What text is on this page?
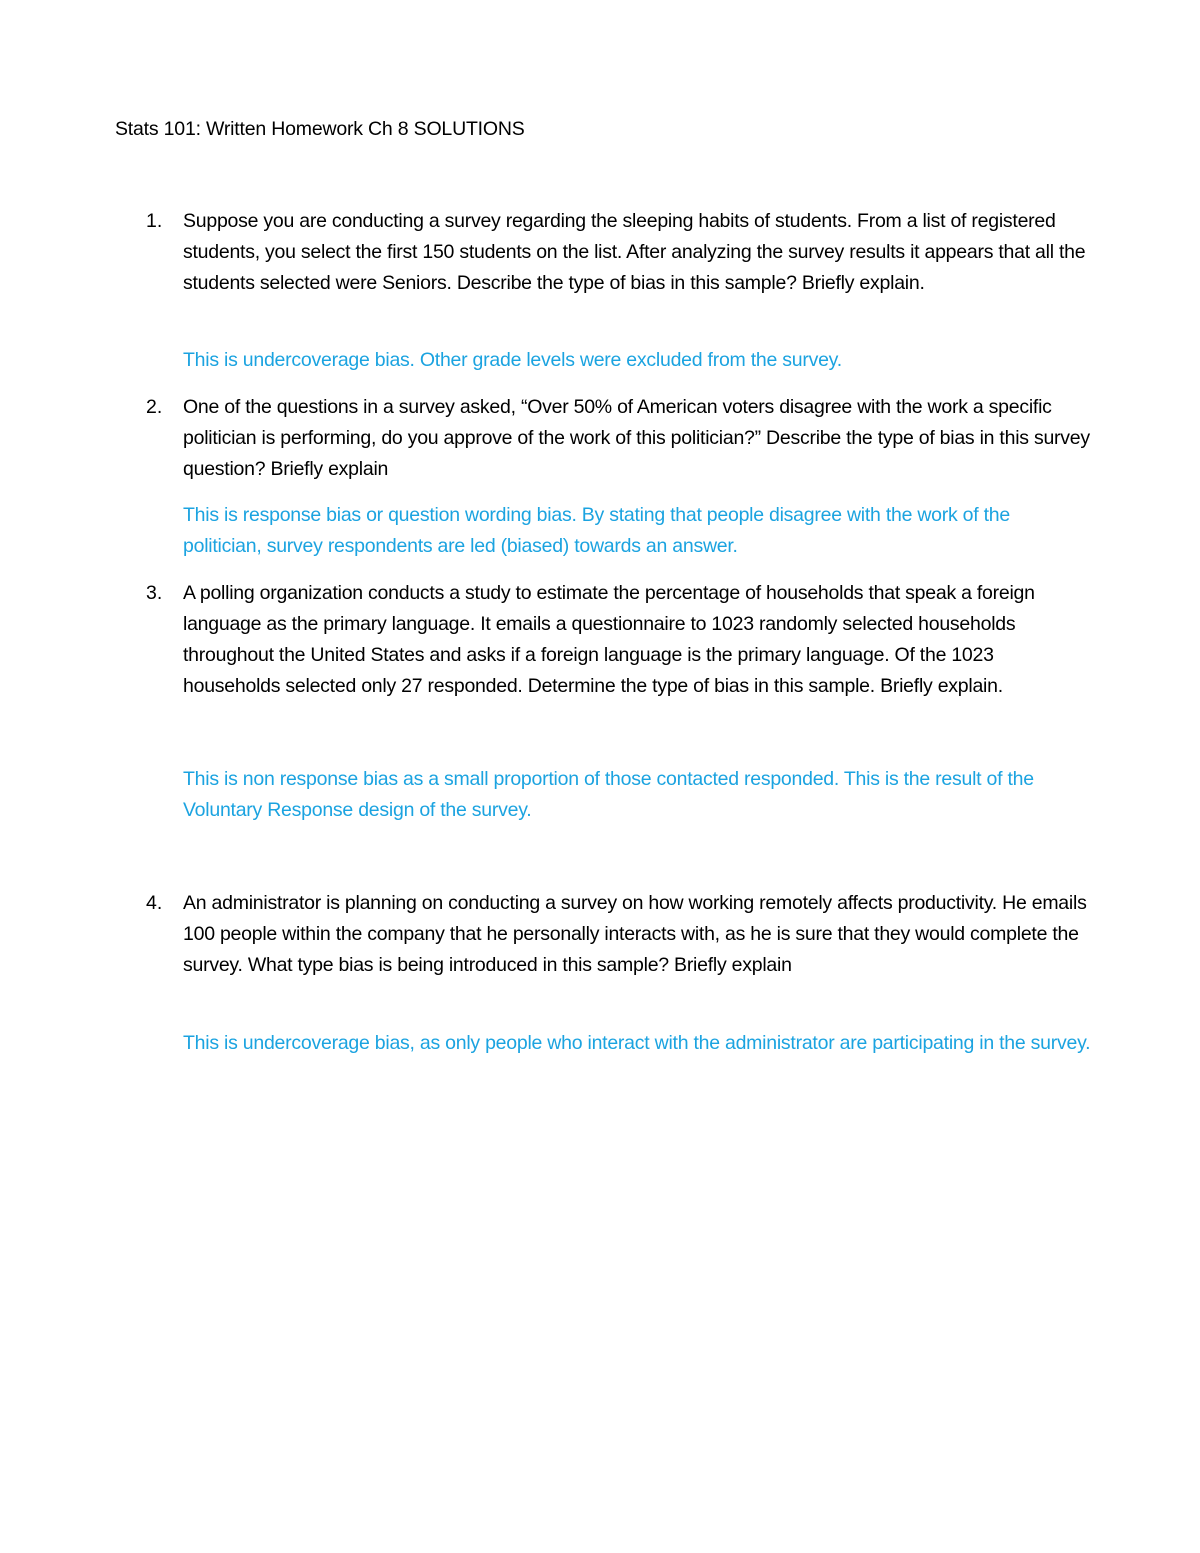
Stats 101: Written Homework Ch 8 SOLUTIONS
1. Suppose you are conducting a survey regarding the sleeping habits of students. From a list of registered students, you select the first 150 students on the list. After analyzing the survey results it appears that all the students selected were Seniors. Describe the type of bias in this sample? Briefly explain.

This is undercoverage bias. Other grade levels were excluded from the survey.

2. One of the questions in a survey asked, “Over 50% of American voters disagree with the work a specific politician is performing, do you approve of the work of this politician?” Describe the type of bias in this survey question? Briefly explain

This is response bias or question wording bias. By stating that people disagree with the work of the politician, survey respondents are led (biased) towards an answer.

3. A polling organization conducts a study to estimate the percentage of households that speak a foreign language as the primary language. It emails a questionnaire to 1023 randomly selected households throughout the United States and asks if a foreign language is the primary language. Of the 1023 households selected only 27 responded. Determine the type of bias in this sample. Briefly explain.

This is non response bias as a small proportion of those contacted responded. This is the result of the Voluntary Response design of the survey.

4. An administrator is planning on conducting a survey on how working remotely affects productivity. He emails 100 people within the company that he personally interacts with, as he is sure that they would complete the survey. What type bias is being introduced in this sample? Briefly explain

This is undercoverage bias, as only people who interact with the administrator are participating in the survey.
